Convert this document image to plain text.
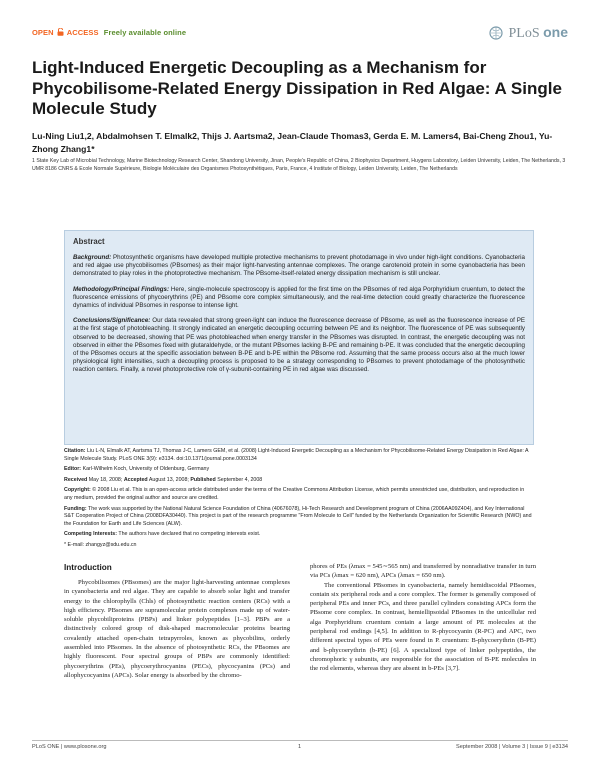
OPEN ACCESS Freely available online	PLoS one
Light-Induced Energetic Decoupling as a Mechanism for Phycobilisome-Related Energy Dissipation in Red Algae: A Single Molecule Study
Lu-Ning Liu1,2, Abdalmohsen T. Elmalk2, Thijs J. Aartsma2, Jean-Claude Thomas3, Gerda E. M. Lamers4, Bai-Cheng Zhou1, Yu-Zhong Zhang1*
1 State Key Lab of Microbial Technology, Marine Biotechnology Research Center, Shandong University, Jinan, People's Republic of China, 2 Biophysics Department, Huygens Laboratory, Leiden University, Leiden, The Netherlands, 3 UMR 8186 CNRS & Ecole Normale Supérieure, Biologie Moléculaire des Organismes Photosynthétiques, Paris, France, 4 Institute of Biology, Leiden University, Leiden, The Netherlands
Abstract

Background: Photosynthetic organisms have developed multiple protective mechanisms to prevent photodamage in vivo under high-light conditions. Cyanobacteria and red algae use phycobilisomes (PBsomes) as their major light-harvesting antennae complexes. The orange carotenoid protein in some cyanobacteria has been demonstrated to play roles in the photoprotective mechanism. The PBsome-itself-related energy dissipation mechanism is still unclear.

Methodology/Principal Findings: Here, single-molecule spectroscopy is applied for the first time on the PBsomes of red alga Porphyridium cruentum, to detect the fluorescence emissions of phycoerythrins (PE) and PBsome core complex simultaneously, and the real-time detection could greatly characterize the fluorescence dynamics of individual PBsomes in response to intense light.

Conclusions/Significance: Our data revealed that strong green-light can induce the fluorescence decrease of PBsome, as well as the fluorescence increase of PE at the first stage of photobleaching. It strongly indicated an energetic decoupling occurring between PE and its neighbor. The fluorescence of PE was subsequently observed to be decreased, showing that PE was photobleached when energy transfer in the PBsomes was disrupted. In contrast, the energetic decoupling was not observed in either the PBsomes fixed with glutaraldehyde, or the mutant PBsomes lacking B-PE and remaining b-PE. It was concluded that the energetic decoupling of the PBsomes occurs at the specific association between B-PE and b-PE within the PBsome rod. Assuming that the same process occurs also at the much lower physiological light intensities, such a decoupling process is proposed to be a strategy corresponding to PBsomes to prevent photodamage of the photosynthetic reaction centers. Finally, a novel photoprotective role of γ-subunit-containing PE in red algae was discussed.

Citation: Liu L-N, Elmalk AT, Aartsma TJ, Thomas J-C, Lamers GEM, et al. (2008) Light-Induced Energetic Decoupling as a Mechanism for Phycobilisome-Related Energy Dissipation in Red Algae: A Single Molecule Study. PLoS ONE 3(9): e3134. doi:10.1371/journal.pone.0003134

Editor: Karl-Wilhelm Koch, University of Oldenburg, Germany

Received May 18, 2008; Accepted August 13, 2008; Published September 4, 2008

Copyright: © 2008 Liu et al. This is an open-access article distributed under the terms of the Creative Commons Attribution License, which permits unrestricted use, distribution, and reproduction in any medium, provided the original author and source are credited.

Funding: The work was supported by the National Natural Science Foundation of China (40676078), Hi-Tech Research and Development program of China (2006AA09Z404), and Key International S&T Cooperation Project of China (2008DFA30440). This project is part of the research programme "From Molecule to Cell" funded by the Netherlands Organization for Scientific Research (NWO) and the Foundation for Earth and Life Sciences (ALW).

Competing Interests: The authors have declared that no competing interests exist.

* E-mail: zhangyz@sdu.edu.cn

Introduction

Phycobilisomes (PBsomes) are the major light-harvesting antennae complexes in cyanobacteria and red algae. They are capable to absorb solar light and transfer energy to the chlorophylls (Chls) of photosynthetic reaction centers (RCs) with a high efficiency. PBsomes are supramolecular protein complexes made up of water-soluble phycobiliproteins (PBPs) and linker polypeptides [1–3]. PBPs are a distinctively colored group of disk-shaped macromolecular proteins bearing covalently attached open-chain tetrapyrroles, known as phycobilins, orderly assembled into PBsomes. In the absence of photosynthetic RCs, the PBsomes are highly fluorescent. Four spectral groups of PBPs are commonly identified: phycoerythrins (PEs), phycoerythrocyanins (PECs), phycocyanins (PCs) and allophycocyanins (APCs). Solar energy is absorbed by the chromo-

phores of PEs (λmax = 545∼565 nm) and transferred by nonradiative transfer in turn via PCs (λmax = 620 nm), APCs (λmax = 650 nm).

The conventional PBsomes in cyanobacteria, namely hemidiscoidal PBsomes, contain six peripheral rods and a core complex. The former is generally composed of peripheral PEs and inner PCs, and three parallel cylinders consisting APCs form the PBsome core complex. In contrast, hemiellipsoidal PBsomes in the unicellular red alga Porphyridium cruentum contain a large amount of PE molecules at the peripheral rod endings [4,5]. In addition to R-phycocyanin (R-PC) and APC, two different spectral types of PEs were found in P. cruentum: B-phycoerythrin (B-PE) and b-phycoerythrin (b-PE) [6]. A specialized type of linker polypeptides, the chromophoric γ subunits, are responsible for the association of B-PE molecules in the rod elements, whereas they are absent in b-PEs [3,7].

PLoS ONE | www.plosone.org	1	September 2008 | Volume 3 | Issue 9 | e3134
